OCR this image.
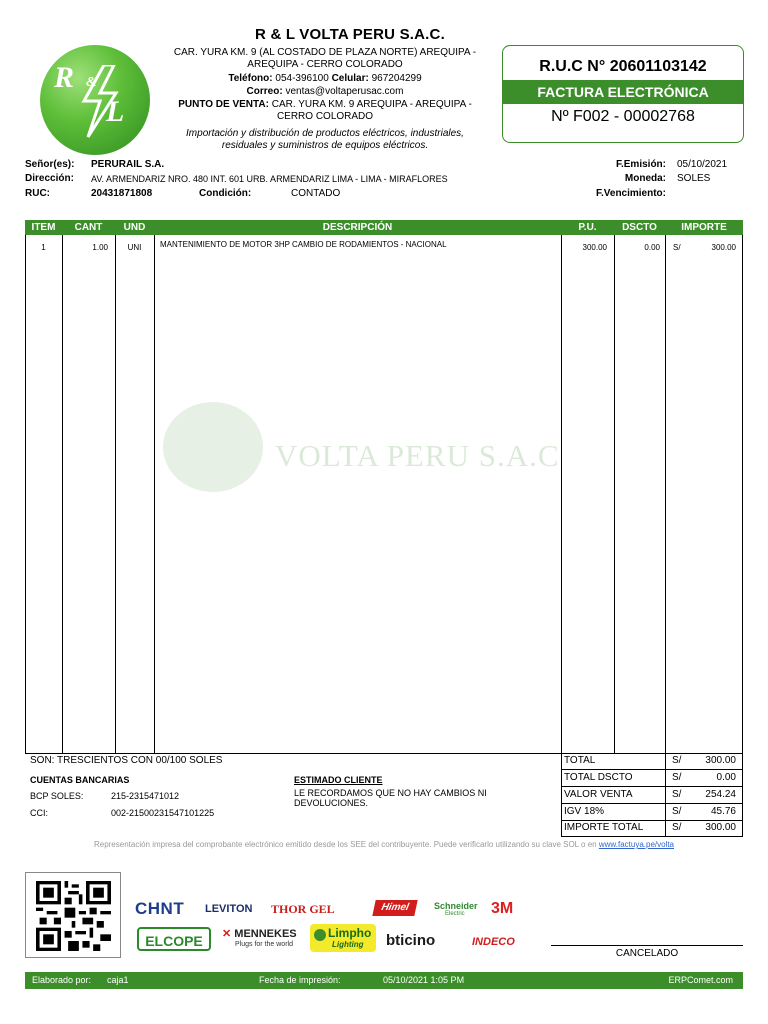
R &
L
R & L VOLTA PERU S.A.C.
CAR. YURA KM. 9 (AL COSTADO DE PLAZA NORTE) AREQUIPA -
AREQUIPA - CERRO COLORADO
Teléfono: 054-396100 Celular: 967204299
Correo: ventas@voltaperusac.com
PUNTO DE VENTA: CAR. YURA KM. 9 AREQUIPA - AREQUIPA -
CERRO COLORADO
Importación y distribución de productos eléctricos, industriales,
residuales y suministros de equipos eléctricos.
R.U.C N° 20601103142
FACTURA ELECTRÓNICA
Nº F002 - 00002768
Señor(es): PERURAIL S.A.
Dirección: AV. ARMENDARIZ NRO. 480 INT. 601 URB. ARMENDARIZ LIMA - LIMA - MIRAFLORES
RUC:	20431871808	Condición:	CONTADO
F.Emisión: 05/10/2021
Moneda: SOLES
F.Vencimiento:
ITEM	CANT	UND	DESCRIPCIÓN	P.U.	DSCTO	IMPORTE
1	1.00	UNI	MANTENIMIENTO DE MOTOR 3HP CAMBIO DE RODAMIENTOS - NACIONAL	300.00	0.00 S/	300.00
VOLTA PERU S.A.C
SON: TRESCIENTOS CON 00/100 SOLES	TOTAL	S/	300.00
TOTAL DSCTO	S/	0.00
VALOR VENTA	S/	254.24
IGV 18%	S/	45.76
IMPORTE TOTAL	S/	300.00
CUENTAS BANCARIAS
BCP SOLES:	215-2315471012
CCI:	002-21500231547101225
ESTIMADO CLIENTE
LE RECORDAMOS QUE NO HAY CAMBIOS NI
DEVOLUCIONES.
Representación impresa del comprobante electrónico emitido desde los SEE del contribuyente. Puede verificarlo utilizando su clave SOL o en www.factuya.pe/volta
CHNT LEVITON THOR GEL	Himel	Schneider
Electric 3M
ELCOPE	✕ MENNEKES
Plugs for the world
Limpho
Lighting bticino	INDECO
CANCELADO
Elaborado por: caja1	Fecha de impresión:	05/10/2021 1:05 PM	ERPComet.com
